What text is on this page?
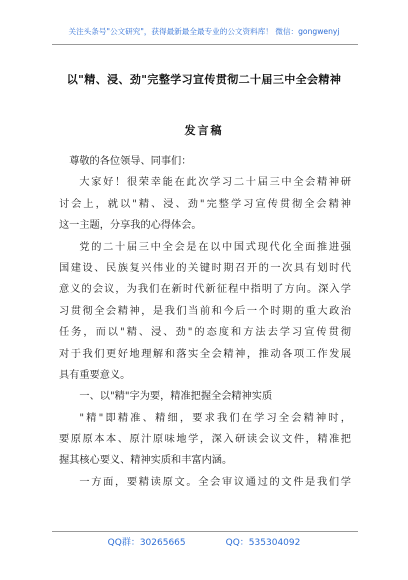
关注头条号"公文研究"，获得最新最全最专业的公文资料库！ 微信：gongwenyj
以"精、浸、劲"完整学习宣传贯彻二十届三中全会精神
发言稿
尊敬的各位领导、同事们：
大家好！很荣幸能在此次学习二十届三中全会精神研
讨会上，就以"精、浸、劲"完整学习宣传贯彻全会精神
这一主题，分享我的心得体会。
党的二十届三中全会是在以中国式现代化全面推进强
国建设、民族复兴伟业的关键时期召开的一次具有划时代
意义的会议，为我们在新时代新征程中指明了方向。深入学
习贯彻全会精神，是我们当前和今后一个时期的重大政治
任务，而以"精、浸、劲"的态度和方法去学习宣传贯彻
对于我们更好地理解和落实全会精神，推动各项工作发展
具有重要意义。
一、以"精"字为要，精准把握全会精神实质
"精"即精准、精细，要求我们在学习全会精神时，
要原原本本、原汁原味地学，深入研读会议文件，精准把
握其核心要义、精神实质和丰富内涵。
一方面，要精读原文。全会审议通过的文件是我们学
QQ群：30265665	QQ：535304092
